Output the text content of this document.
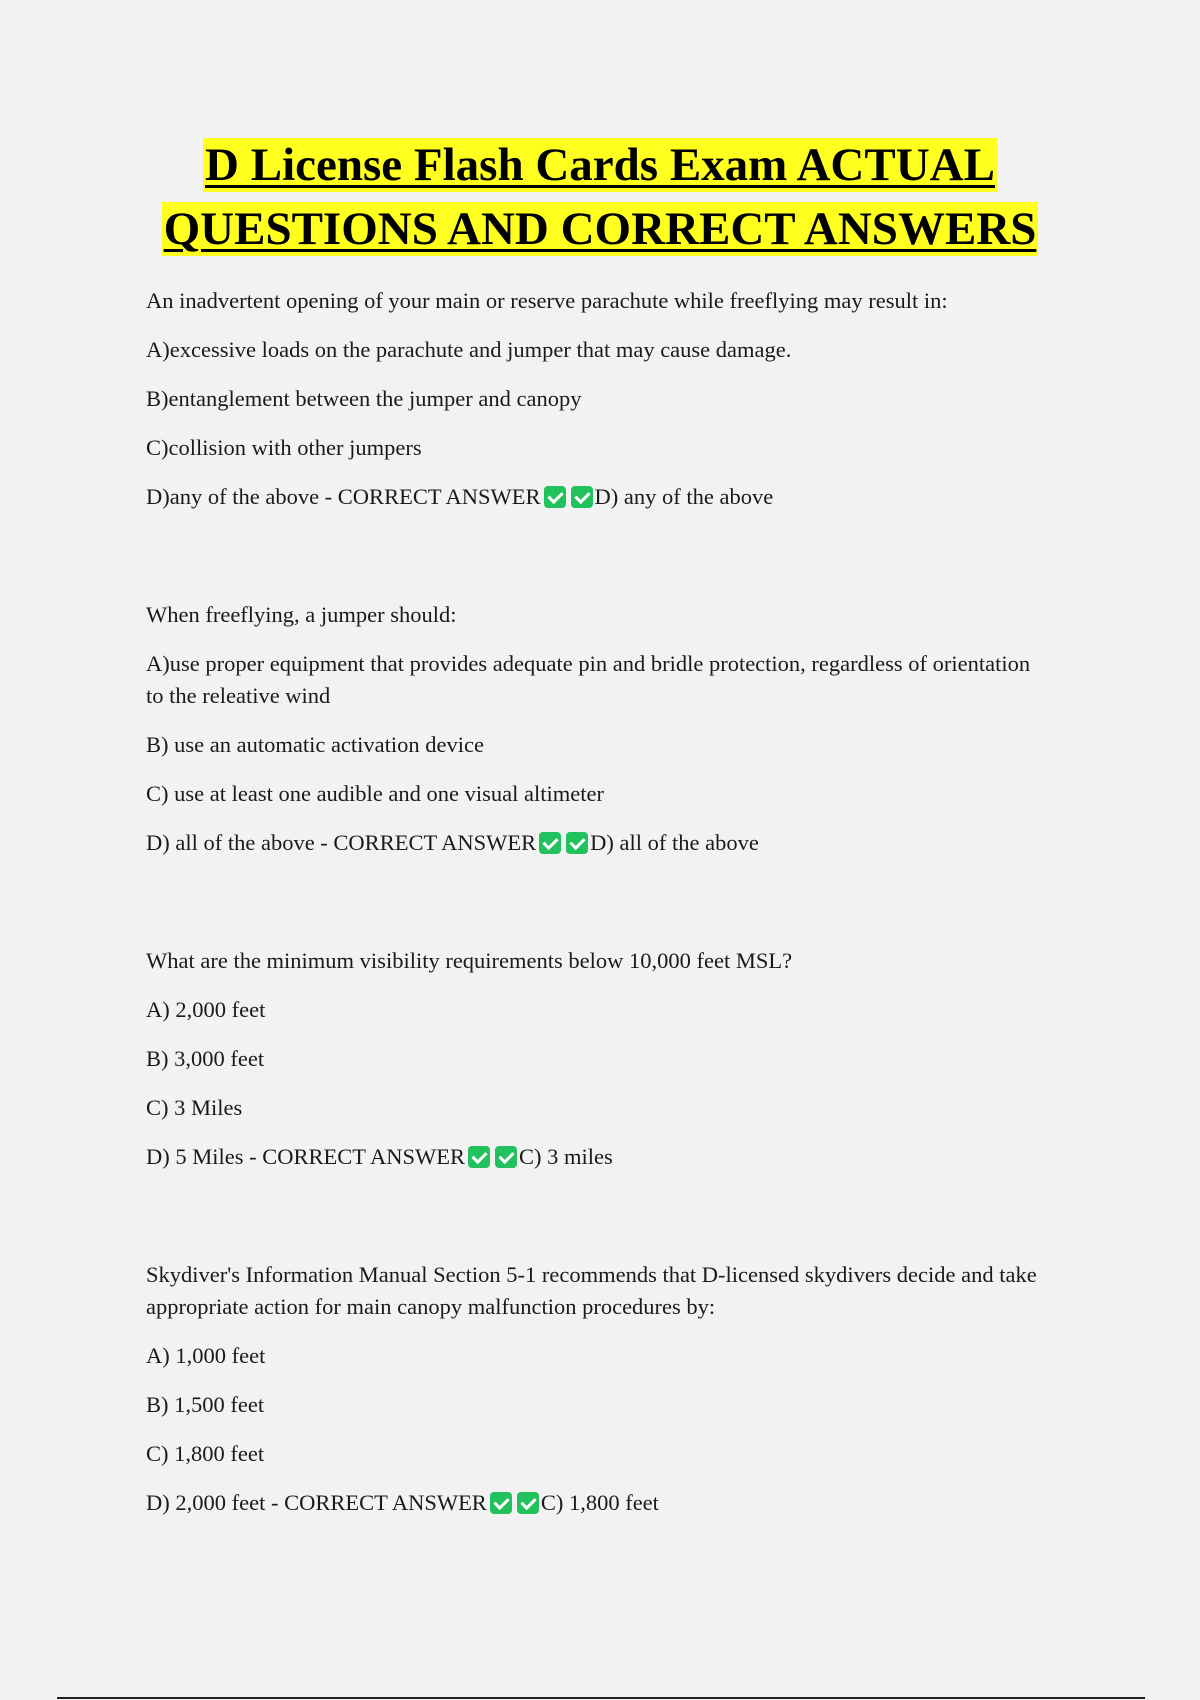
D License Flash Cards Exam ACTUAL
QUESTIONS AND CORRECT ANSWERS
An inadvertent opening of your main or reserve parachute while freeflying may result in:
A)excessive loads on the parachute and jumper that may cause damage.
B)entanglement between the jumper and canopy
C)collision with other jumpers
D)any of the above - CORRECT ANSWER D) any of the above
When freeflying, a jumper should:
A)use proper equipment that provides adequate pin and bridle protection, regardless of orientation to the releative wind
B) use an automatic activation device
C) use at least one audible and one visual altimeter
D) all of the above - CORRECT ANSWER D) all of the above
What are the minimum visibility requirements below 10,000 feet MSL?
A) 2,000 feet
B) 3,000 feet
C) 3 Miles
D) 5 Miles - CORRECT ANSWER C) 3 miles
Skydiver's Information Manual Section 5-1 recommends that D-licensed skydivers decide and take appropriate action for main canopy malfunction procedures by:
A) 1,000 feet
B) 1,500 feet
C) 1,800 feet
D) 2,000 feet - CORRECT ANSWER C) 1,800 feet
